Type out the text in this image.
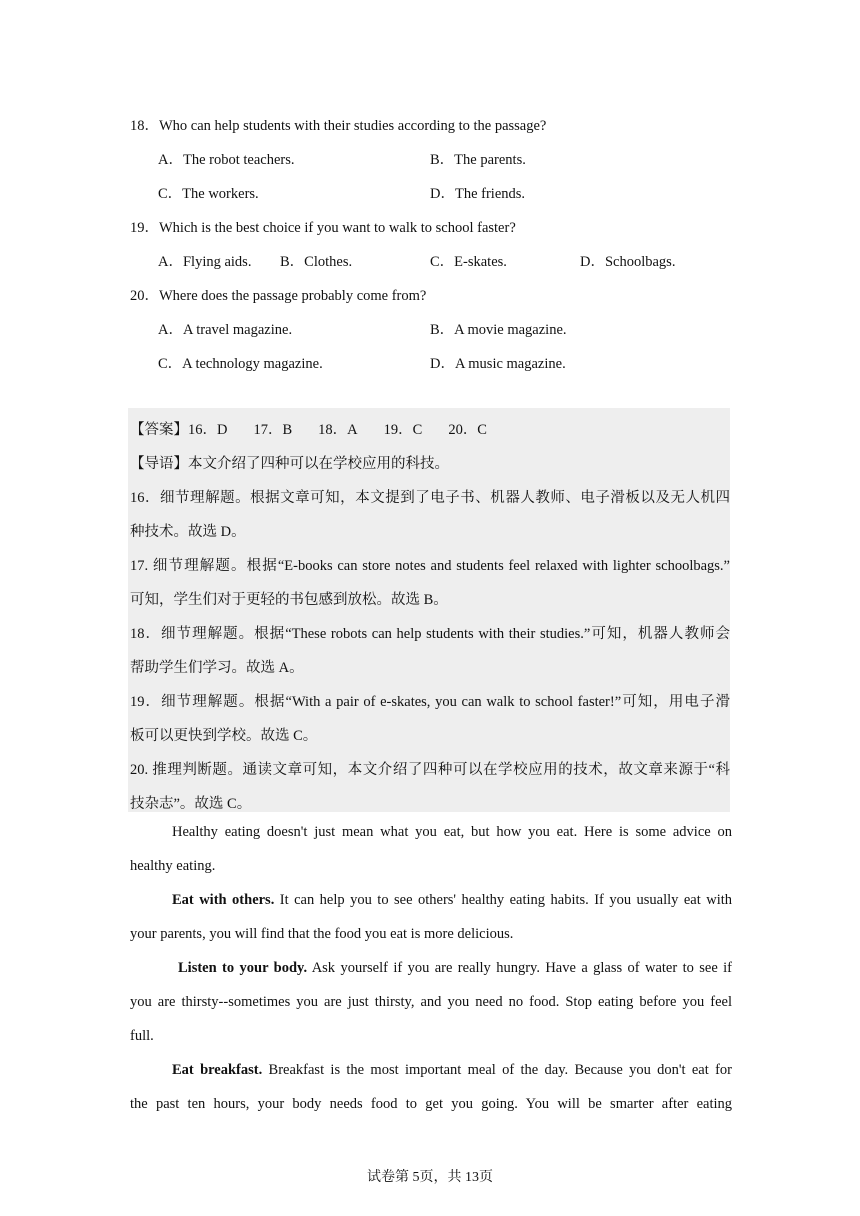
18．Who can help students with their studies according to the passage?
A．The robot teachers.	B．The parents.
C．The workers.	D．The friends.
19．Which is the best choice if you want to walk to school faster?
A．Flying aids. B．Clothes.	C．E-skates.	D．Schoolbags.
20．Where does the passage probably come from?
A．A travel magazine.	B．A movie magazine.
C．A technology magazine.	D．A music magazine.
【答案】16．D 17．B 18．A 19．C 20．C
【导语】本文介绍了四种可以在学校应用的科技。
16．细节理解题。根据文章可知，本文提到了电子书、机器人教师、电子滑板以及无人机四
种技术。故选 D。
17. 细节理解题。根据“E-books can store notes and students feel relaxed with lighter schoolbags.”
可知，学生们对于更轻的书包感到放松。故选 B。
18．细节理解题。根据“These robots can help students with their studies.”可知，机器人教师会
帮助学生们学习。故选 A。
19．细节理解题。根据“With a pair of e-skates, you can walk to school faster!”可知，用电子滑
板可以更快到学校。故选 C。
20. 推理判断题。通读文章可知，本文介绍了四种可以在学校应用的技术，故文章来源于“科
技杂志”。故选 C。
Healthy eating doesn't just mean what you eat, but how you eat. Here is some advice on
healthy eating.
Eat with others. It can help you to see others' healthy eating habits. If you usually eat with
your parents, you will find that the food you eat is more delicious.
Listen to your body. Ask yourself if you are really hungry. Have a glass of water to see if
you are thirsty--sometimes you are just thirsty, and you need no food. Stop eating before you feel
full.
Eat breakfast. Breakfast is the most important meal of the day. Because you don't eat for
the past ten hours, your body needs food to get you going. You will be smarter after eating
试卷第 5页，共 13页
